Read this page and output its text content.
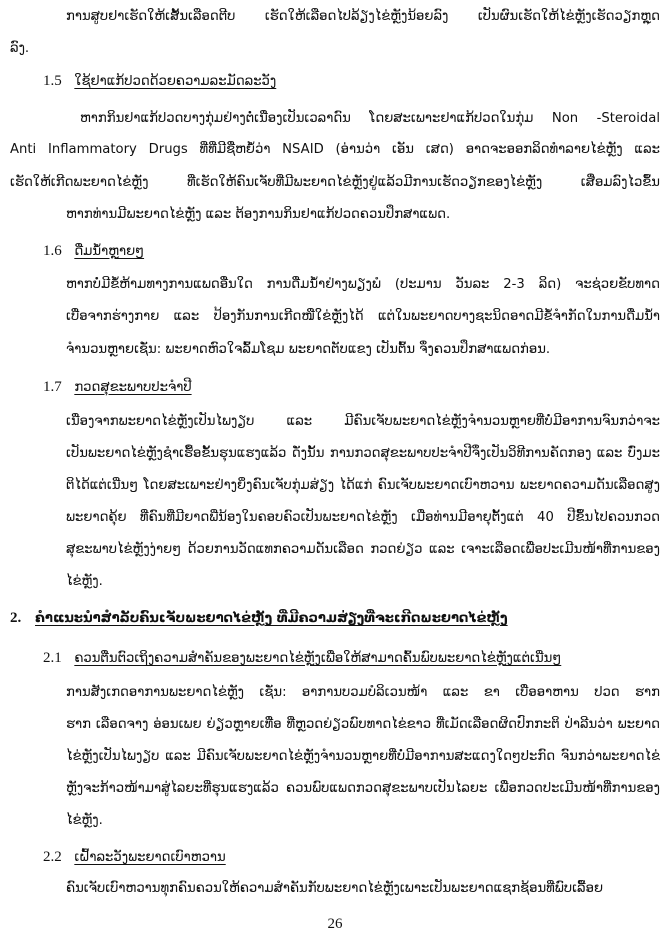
ການສູບຢາເຮັດໃຫ້ເສັ້ນເລືອດຕີບ ເຮັດໃຫ້ເລືອດໄປລ້ຽງໄຂ່ຫຼັງນ້ອຍລົງ ເປັນຜົນເຮັດໃຫ້ໄຂ່ຫຼັງເຮັດວຽກຫຼຸດ
ລົງ.
1.5 ໃຊ້ຢາແກ້ປວດດ້ວຍຄວາມລະມັດລະວັງ
ຫາກກິນຢາແກ້ປວດບາງກຸ່ມຢ່າງຕໍ່ເນື່ອງເປັນເວລາດົນ ໂດຍສະເພາະຢາແກ້ປວດໃນກຸ່ມ Non -Steroidal
Anti Inflammatory Drugs ທີ່ທີ່ມີຊື່ຫຍໍ້ວ່າ NSAID (ອ່ານວ່າ ເອັນ ເສດ) ອາດຈະອອກລິດທຳລາຍໄຂ່ຫຼັງ ແລະ
ເຮັດໃຫ້ເກີດພະຍາດໄຂ່ຫຼັງ ທີ່ເຮັດໃຫ້ຄົນເຈັບທີ່ມີພະຍາດໄຂ່ຫຼັງຢູ່ແລ້ວມີການເຮັດວຽກຂອງໄຂ່ຫຼັງ ເສື່ອມລົງໄວຂຶ້ນ
ຫາກທ່ານມີພະຍາດໄຂ່ຫຼັງ ແລະ ຕ້ອງການກິນຢາແກ້ປວດຄວນປຶກສາແພດ.
1.6 ດື່ມນ້ຳຫຼາຍໆ
ຫາກບໍ່ມີຂໍ້ຫ້າມທາງການແພດອື່ນໃດ ການດື່ມນ້ຳຢ່າງພຽງພໍ (ປະມານ ວັນລະ 2-3 ລິດ) ຈະຊ່ວຍຂັບທາດ
ເບື່ອຈາກຮ່າງກາຍ ແລະ ປ້ອງກັນການເກີດໜີ່ໃຂ່ຫຼັງໄດ້ ແຕ່ໃນພະຍາດບາງຊະນິດອາດມີຂໍ້ຈຳກັດໃນການດື່ມນ້ຳ
ຈຳນວນຫຼາຍເຊັ່ນ: ພະຍາດຫົວໃຈລົ້ມໂຊມ ພະຍາດຕັບແຂງ ເປັນຕົ້ນ ຈຶ່ງຄວນປຶກສາແພດກ່ອນ.
1.7 ກວດສຸຂະພາບປະຈຳປີ
ເນື່ອງຈາກພະຍາດໄຂ່ຫຼັງເປັນໄພງຽບ ແລະ ມີຄົນເຈັບພະຍາດໄຂ່ຫຼັງຈຳນວນຫຼາຍທີ່ບໍ່ມີອາການຈົນກວ່າຈະ
ເປັນພະຍາດໄຂ່ຫຼັງຊໍາເຮື້ອຂັ້ນຮຸນແຮງແລ້ວ ດັ່ງນັ້ນ ການກວດສຸຂະພາບປະຈຳປີຈຶ່ງເປັນວິທີການຄັດກອງ ແລະ ບົ່ງມະ
ຕິໄດ້ແຕ່ເນີ່ນໆ ໂດຍສະເພາະຢ່າງຍິ່ງຄົນເຈັບກຸ່ມສ່ຽງ ໄດ້ແກ່ ຄົນເຈັບພະຍາດເບົາຫວານ ພະຍາດຄວາມດັນເລືອດສູງ
ພະຍາດຄຸ້ຍ ທີ່ຄົນທີ່ມີຍາດພີ່ນ້ອງໃນຄອບຄົວເປັນພະຍາດໄຂ່ຫຼັງ ເມື່ອທ່ານມີອາຍຸຕັ້ງແຕ່ 40 ປີຂຶ້ນໄປຄວນກວດ
ສຸຂະພາບໄຂ່ຫຼັງງ່າຍໆ ດ້ວຍການວັດແທກຄວາມດັນເລືອດ ກວດຍ່ຽວ ແລະ ເຈາະເລືອດເພື່ອປະເມີນໜ້າທີ່ການຂອງ
ໄຂ່ຫຼັງ.
2. ຄຳແນະນຳສຳລັບຄົນເຈັບພະຍາດໄຂ່ຫຼັງ ທີ່ມີຄວາມສ່ຽງທີ່ຈະເກີດພະຍາດໄຂ່ຫຼັງ
2.1 ຄວນຕື່ນຕົວເຖິງຄວາມສຳຄັນຂອງພະຍາດໄຂ່ຫຼັງເພື່ອໃຫ້ສາມາດຄົ້ນພົບພະຍາດໄຂ່ຫຼັງແຕ່ເນີ່ນໆ
ການສັງເກດອາການພະຍາດໄຂ່ຫຼັງ ເຊັ່ນ: ອາການບວມບໍລິເວນໜ້າ ແລະ ຂາ ເບື່ອອາຫານ ປວດ ຮາກ
ຮາກ ເລືອດຈາງ ອ່ອນເພຍ ຍ່ຽວຫຼາຍເທື່ອ ທີ່ຫຼວດຍ່ຽວພົບທາດໄຂ່ຂາວ ທີ່ເມັດເລືອດຜິດປົກກະຕິ ປ່າລີນວ່າ ພະຍາດ
ໄຂ່ຫຼັງເປັນໄພງຽບ ແລະ ມີຄົນເຈັບພະຍາດໄຂ່ຫຼັງຈຳນວນຫຼາຍທີ່ບໍ່ມີອາການສະແດງໃດໆປະກົດ ຈົນກວ່າພະຍາດໄຂ່
ຫຼັງຈະກ້າວໜ້າມາສູ່ໄລຍະທີ່ຮຸນແຮງແລ້ວ ຄວນພົບແພດກວດສຸຂະພາບເປັນໄລຍະ ເພື່ອກວດປະເມີນໜ້າທີ່ການຂອງ
ໄຂ່ຫຼັງ.
2.2 ເຝົ້າລະວັງພະຍາດເບົາຫວານ
ຄົນເຈັບເບົາຫວານທຸກຄົນຄວນໃຫ້ຄວາມສຳຄັນກັບພະຍາດໄຂ່ຫຼັງເພາະເປັນພະຍາດແຊກຊ້ອນທີ່ພົບເລື້ອຍ
26
